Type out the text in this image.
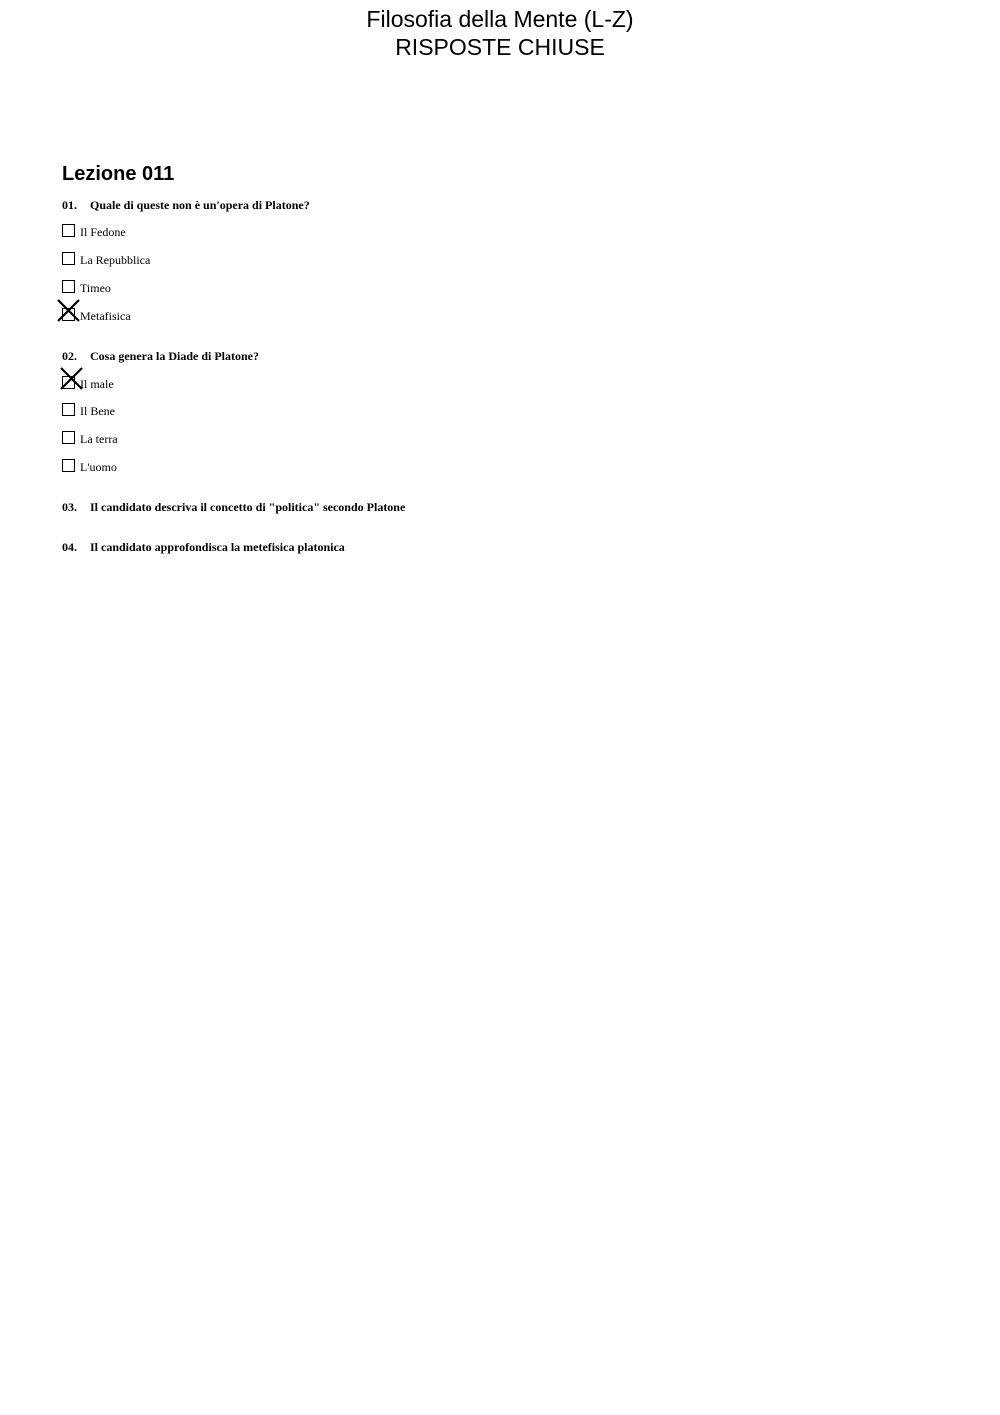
Filosofia della Mente (L-Z)
RISPOSTE CHIUSE
Lezione 011
01. Quale di queste non è un'opera di Platone?
Il Fedone
La Repubblica
Timeo
Metafisica
02. Cosa genera la Diade di Platone?
Il male
Il Bene
La terra
L'uomo
03. Il candidato descriva il concetto di "politica" secondo Platone
04. Il candidato approfondisca la metefisica platonica
